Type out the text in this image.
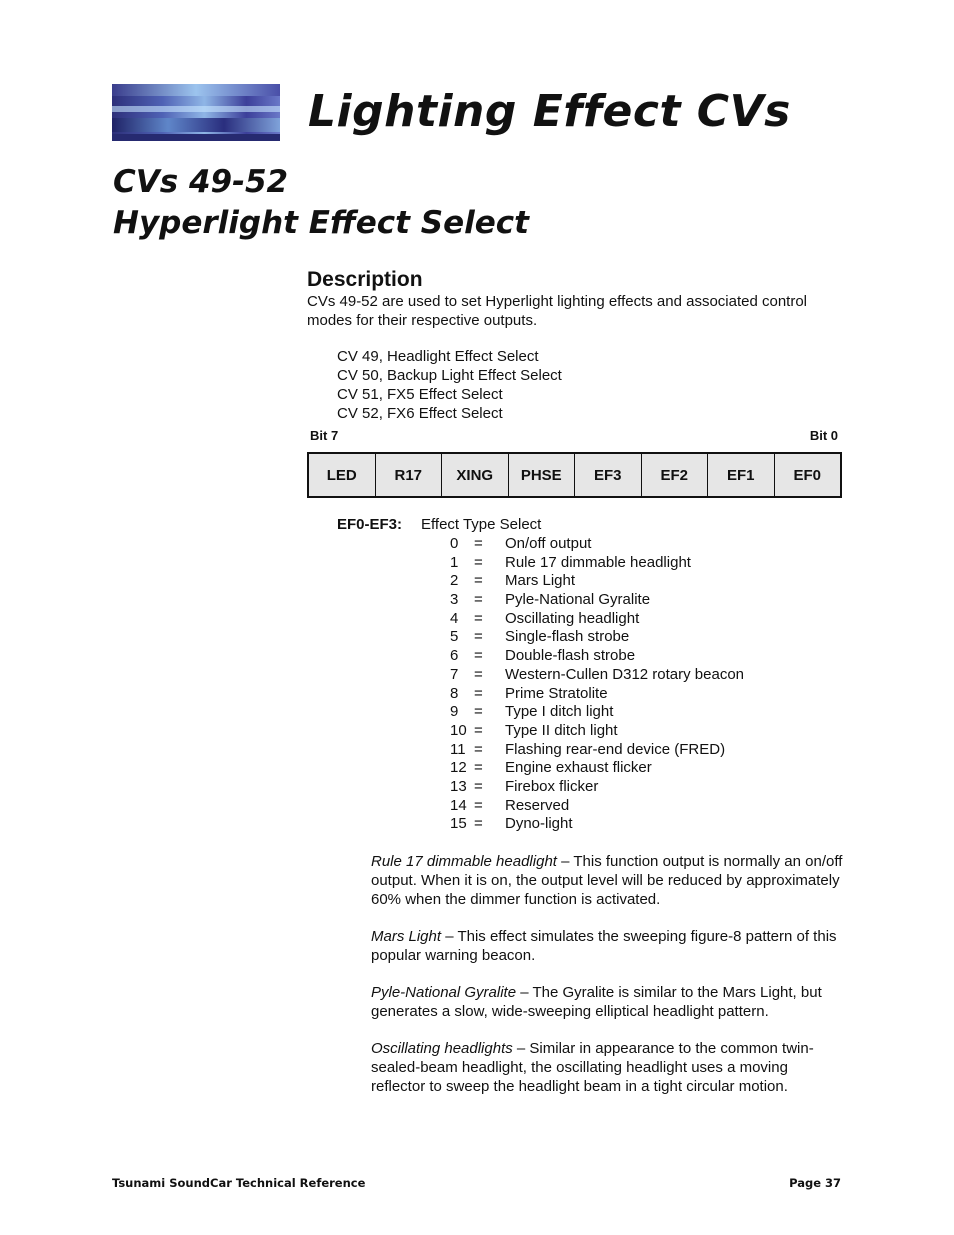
Lighting Effect CVs
CVs 49-52
Hyperlight Effect Select
Description
CVs 49-52 are used to set Hyperlight lighting effects and associated control modes for their respective outputs.
CV 49, Headlight Effect Select
CV 50, Backup Light Effect Select
CV 51, FX5 Effect Select
CV 52, FX6 Effect Select
Bit 7	Bit 0
LED	R17	XING	PHSE	EF3	EF2	EF1	EF0
EF0-EF3: Effect Type Select
0 = On/off output
1 = Rule 17 dimmable headlight
2 = Mars Light
3 = Pyle-National Gyralite
4 = Oscillating headlight
5 = Single-flash strobe
6 = Double-flash strobe
7 = Western-Cullen D312 rotary beacon
8 = Prime Stratolite
9 = Type I ditch light
10 = Type II ditch light
11 = Flashing rear-end device (FRED)
12 = Engine exhaust flicker
13 = Firebox flicker
14 = Reserved
15 = Dyno-light

Rule 17 dimmable headlight – This function output is normally an on/off output. When it is on, the output level will be reduced by approximately 60% when the dimmer function is activated.

Mars Light – This effect simulates the sweeping figure-8 pattern of this popular warning beacon.

Pyle-National Gyralite – The Gyralite is similar to the Mars Light, but generates a slow, wide-sweeping elliptical headlight pattern.

Oscillating headlights – Similar in appearance to the common twin-sealed-beam headlight, the oscillating headlight uses a moving reflector to sweep the headlight beam in a tight circular motion.

Tsunami SoundCar Technical Reference	Page 37
